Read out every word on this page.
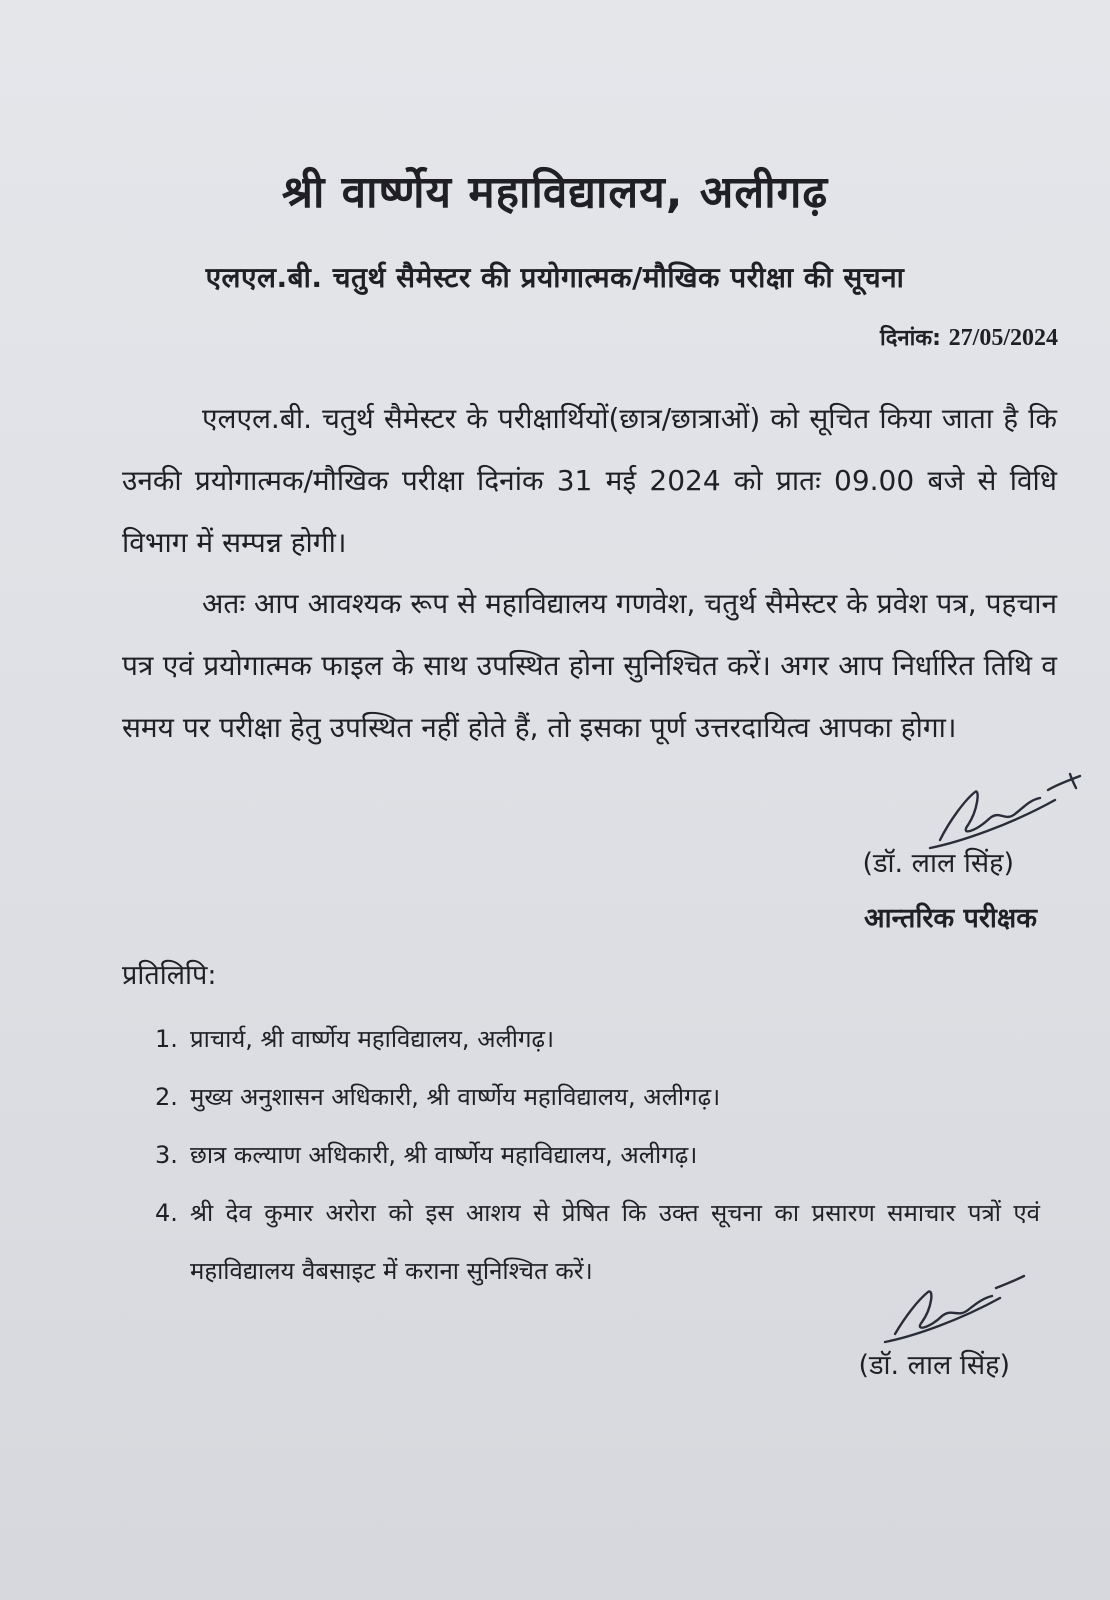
श्री वार्ष्णेय महाविद्यालय, अलीगढ़
एलएल.बी. चतुर्थ सैमेस्टर की प्रयोगात्मक/मौखिक परीक्षा की सूचना
दिनांक: 27/05/2024
एलएल.बी. चतुर्थ सैमेस्टर के परीक्षार्थियों(छात्र/छात्राओं) को सूचित किया जाता है कि उनकी प्रयोगात्मक/मौखिक परीक्षा दिनांक 31 मई 2024 को प्रातः 09.00 बजे से विधि विभाग में सम्पन्न होगी।
अतः आप आवश्यक रूप से महाविद्यालय गणवेश, चतुर्थ सैमेस्टर के प्रवेश पत्र, पहचान पत्र एवं प्रयोगात्मक फाइल के साथ उपस्थित होना सुनिश्चित करें। अगर आप निर्धारित तिथि व समय पर परीक्षा हेतु उपस्थित नहीं होते हैं, तो इसका पूर्ण उत्तरदायित्व आपका होगा।
(डॉ. लाल सिंह)
आन्तरिक परीक्षक
प्रतिलिपि:
1. प्राचार्य, श्री वार्ष्णेय महाविद्यालय, अलीगढ़।
2. मुख्य अनुशासन अधिकारी, श्री वार्ष्णेय महाविद्यालय, अलीगढ़।
3. छात्र कल्याण अधिकारी, श्री वार्ष्णेय महाविद्यालय, अलीगढ़।
4. श्री देव कुमार अरोरा को इस आशय से प्रेषित कि उक्त सूचना का प्रसारण समाचार पत्रों एवं महाविद्यालय वैबसाइट में कराना सुनिश्चित करें।
(डॉ. लाल सिंह)
